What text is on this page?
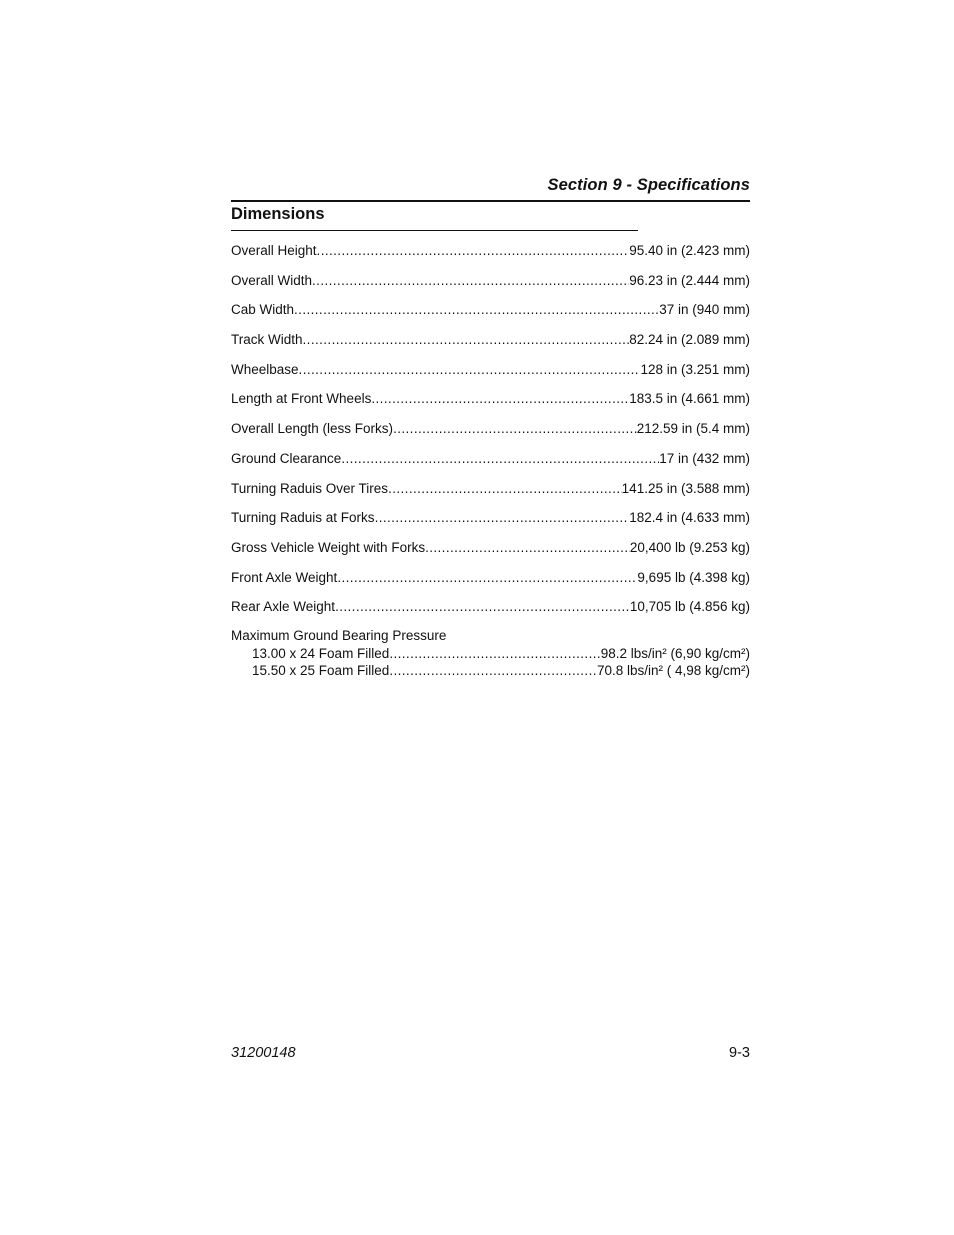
Section 9 - Specifications
Dimensions
Overall Height .....	95.40 in (2.423 mm)
Overall Width .....	96.23 in (2.444 mm)
Cab Width .....	37 in (940 mm)
Track Width .....	82.24 in (2.089 mm)
Wheelbase .....	128 in (3.251 mm)
Length at Front Wheels .....	183.5 in (4.661 mm)
Overall Length (less Forks) .....	212.59 in (5.4 mm)
Ground Clearance .....	17 in (432 mm)
Turning Raduis Over Tires .....	141.25 in (3.588 mm)
Turning Raduis at Forks .....	182.4 in (4.633 mm)
Gross Vehicle Weight with Forks .....	20,400 lb (9.253 kg)
Front Axle Weight .....	9,695 lb (4.398 kg)
Rear Axle Weight .....	10,705 lb (4.856 kg)
Maximum Ground Bearing Pressure
13.00 x 24 Foam Filled .....	98.2 lbs/in² (6,90 kg/cm²)
15.50 x 25 Foam Filled .....	70.8 lbs/in² ( 4,98 kg/cm²)
31200148	9-3
